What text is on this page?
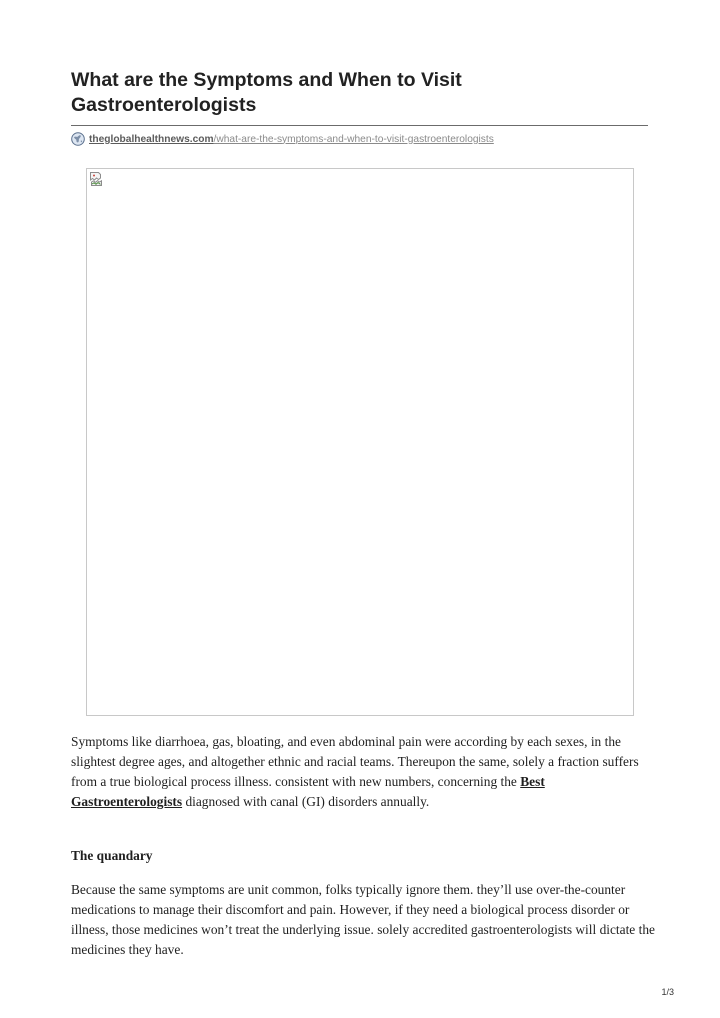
What are the Symptoms and When to Visit Gastroenterologists
theglobalhealthnews.com /what-are-the-symptoms-and-when-to-visit-gastroenterologists

Symptoms like diarrhoea, gas, bloating, and even abdominal pain were according by each sexes, in the slightest degree ages, and altogether ethnic and racial teams. Thereupon the same, solely a fraction suffers from a true biological process illness. consistent with new numbers, concerning the Best Gastroenterologists diagnosed with canal (GI) disorders annually.

The quandary

Because the same symptoms are unit common, folks typically ignore them. they’ll use over-the-counter medications to manage their discomfort and pain. However, if they need a biological process disorder or illness, those medicines won’t treat the underlying issue. solely accredited gastroenterologists will dictate the medicines they have.

1/3
